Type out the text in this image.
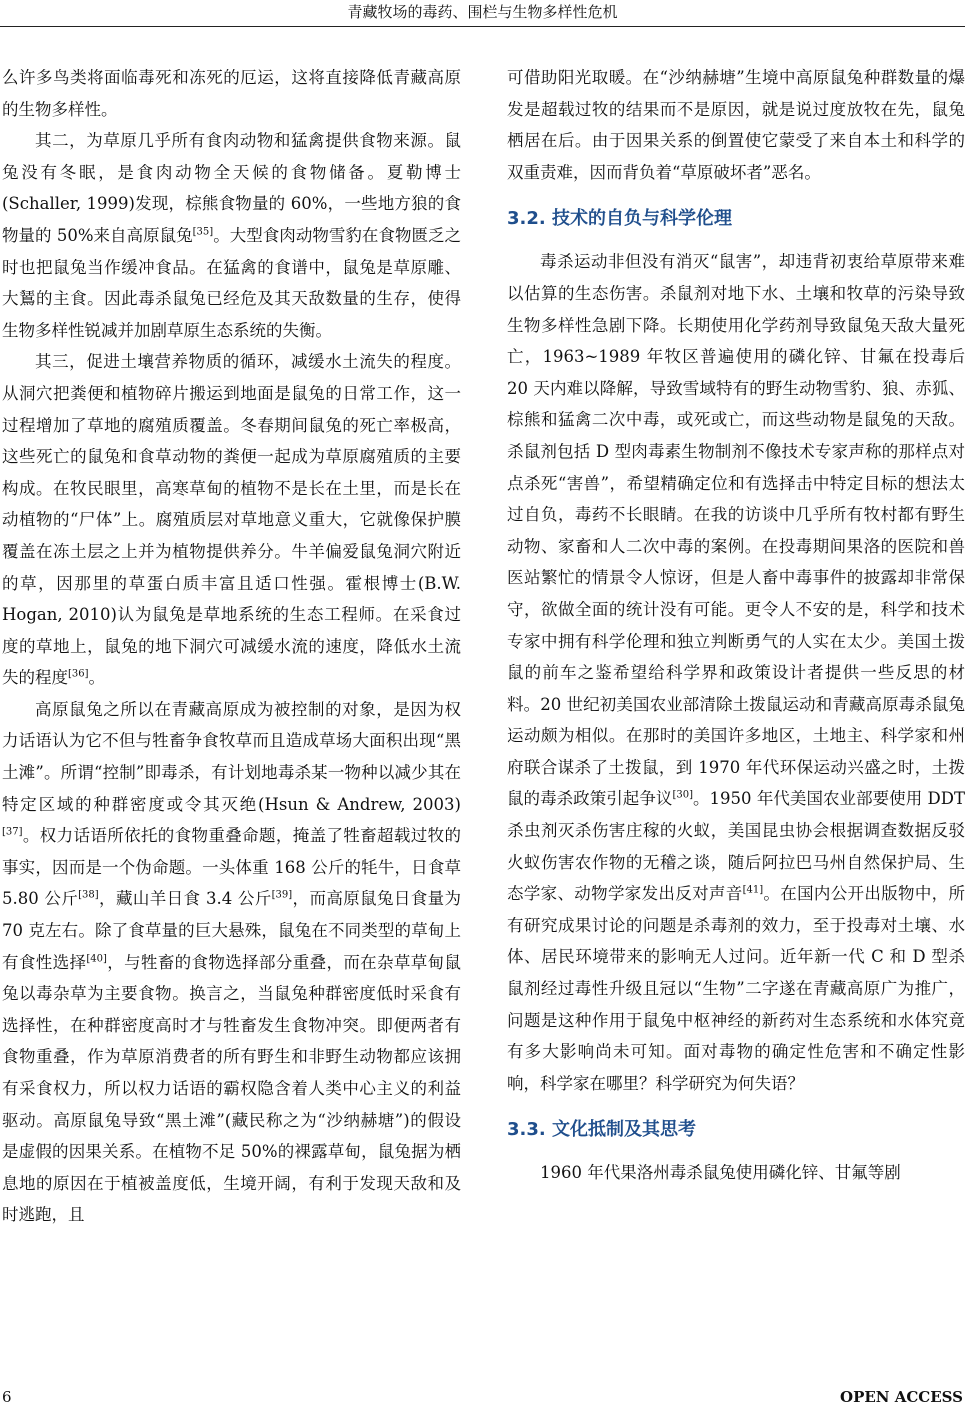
青藏牧场的毒药、围栏与生物多样性危机

么许多鸟类将面临毒死和冻死的厄运，这将直接降低青藏高原的生物多样性。

其二，为草原几乎所有食肉动物和猛禽提供食物来源。鼠兔没有冬眠，是食肉动物全天候的食物储备。夏勒博士(Schaller, 1999)发现，棕熊食物量的 60%，一些地方狼的食物量的 50%来自高原鼠兔[35]。大型食肉动物雪豹在食物匮乏之时也把鼠兔当作缓冲食品。在猛禽的食谱中，鼠兔是草原雕、大鵟的主食。因此毒杀鼠兔已经危及其天敌数量的生存，使得生物多样性锐减并加剧草原生态系统的失衡。

其三，促进土壤营养物质的循环，减缓水土流失的程度。从洞穴把粪便和植物碎片搬运到地面是鼠兔的日常工作，这一过程增加了草地的腐殖质覆盖。冬春期间鼠兔的死亡率极高，这些死亡的鼠兔和食草动物的粪便一起成为草原腐殖质的主要构成。在牧民眼里，高寒草甸的植物不是长在土里，而是长在动植物的“尸体”上。腐殖质层对草地意义重大，它就像保护膜覆盖在冻土层之上并为植物提供养分。牛羊偏爱鼠兔洞穴附近的草，因那里的草蛋白质丰富且适口性强。霍根博士(B.W. Hogan, 2010)认为鼠兔是草地系统的生态工程师。在采食过度的草地上，鼠兔的地下洞穴可减缓水流的速度，降低水土流失的程度[36]。

高原鼠兔之所以在青藏高原成为被控制的对象，是因为权力话语认为它不但与牲畜争食牧草而且造成草场大面积出现“黑土滩”。所谓“控制”即毒杀，有计划地毒杀某一物种以减少其在特定区域的种群密度或令其灭绝(Hsun & Andrew, 2003)[37]。权力话语所依托的食物重叠命题，掩盖了牲畜超载过牧的事实，因而是一个伪命题。一头体重 168 公斤的牦牛，日食草 5.80 公斤[38]，藏山羊日食 3.4 公斤[39]，而高原鼠兔日食量为 70 克左右。除了食草量的巨大悬殊，鼠兔在不同类型的草甸上有食性选择[40]，与牲畜的食物选择部分重叠，而在杂草草甸鼠兔以毒杂草为主要食物。换言之，当鼠兔种群密度低时采食有选择性，在种群密度高时才与牲畜发生食物冲突。即便两者有食物重叠，作为草原消费者的所有野生和非野生动物都应该拥有采食权力，所以权力话语的霸权隐含着人类中心主义的利益驱动。高原鼠兔导致“黑土滩”(藏民称之为“沙纳赫塘”)的假设是虚假的因果关系。在植物不足 50%的裸露草甸，鼠兔据为栖息地的原因在于植被盖度低，生境开阔，有利于发现天敌和及时逃跑，且

可借助阳光取暖。在“沙纳赫塘”生境中高原鼠兔种群数量的爆发是超载过牧的结果而不是原因，就是说过度放牧在先，鼠兔栖居在后。由于因果关系的倒置使它蒙受了来自本土和科学的双重责难，因而背负着“草原破坏者”恶名。

3.2. 技术的自负与科学伦理

毒杀运动非但没有消灭“鼠害”，却违背初衷给草原带来难以估算的生态伤害。杀鼠剂对地下水、土壤和牧草的污染导致生物多样性急剧下降。长期使用化学药剂导致鼠兔天敌大量死亡，1963~1989 年牧区普遍使用的磷化锌、甘氟在投毒后 20 天内难以降解，导致雪域特有的野生动物雪豹、狼、赤狐、棕熊和猛禽二次中毒，或死或亡，而这些动物是鼠兔的天敌。杀鼠剂包括 D 型肉毒素生物制剂不像技术专家声称的那样点对点杀死“害兽”，希望精确定位和有选择击中特定目标的想法太过自负，毒药不长眼睛。在我的访谈中几乎所有牧村都有野生动物、家畜和人二次中毒的案例。在投毒期间果洛的医院和兽医站繁忙的情景令人惊讶，但是人畜中毒事件的披露却非常保守，欲做全面的统计没有可能。更令人不安的是，科学和技术专家中拥有科学伦理和独立判断勇气的人实在太少。美国土拨鼠的前车之鉴希望给科学界和政策设计者提供一些反思的材料。20 世纪初美国农业部清除土拨鼠运动和青藏高原毒杀鼠兔运动颇为相似。在那时的美国许多地区，土地主、科学家和州府联合谋杀了土拨鼠，到 1970 年代环保运动兴盛之时，土拨鼠的毒杀政策引起争议[30]。1950 年代美国农业部要使用 DDT 杀虫剂灭杀伤害庄稼的火蚁，美国昆虫协会根据调查数据反驳火蚁伤害农作物的无稽之谈，随后阿拉巴马州自然保护局、生态学家、动物学家发出反对声音[41]。在国内公开出版物中，所有研究成果讨论的问题是杀毒剂的效力，至于投毒对土壤、水体、居民环境带来的影响无人过问。近年新一代 C 和 D 型杀鼠剂经过毒性升级且冠以“生物”二字遂在青藏高原广为推广，问题是这种作用于鼠兔中枢神经的新药对生态系统和水体究竟有多大影响尚未可知。面对毒物的确定性危害和不确定性影响，科学家在哪里？科学研究为何失语？

3.3. 文化抵制及其思考

1960 年代果洛州毒杀鼠兔使用磷化锌、甘氟等剧

6	OPEN ACCESS
